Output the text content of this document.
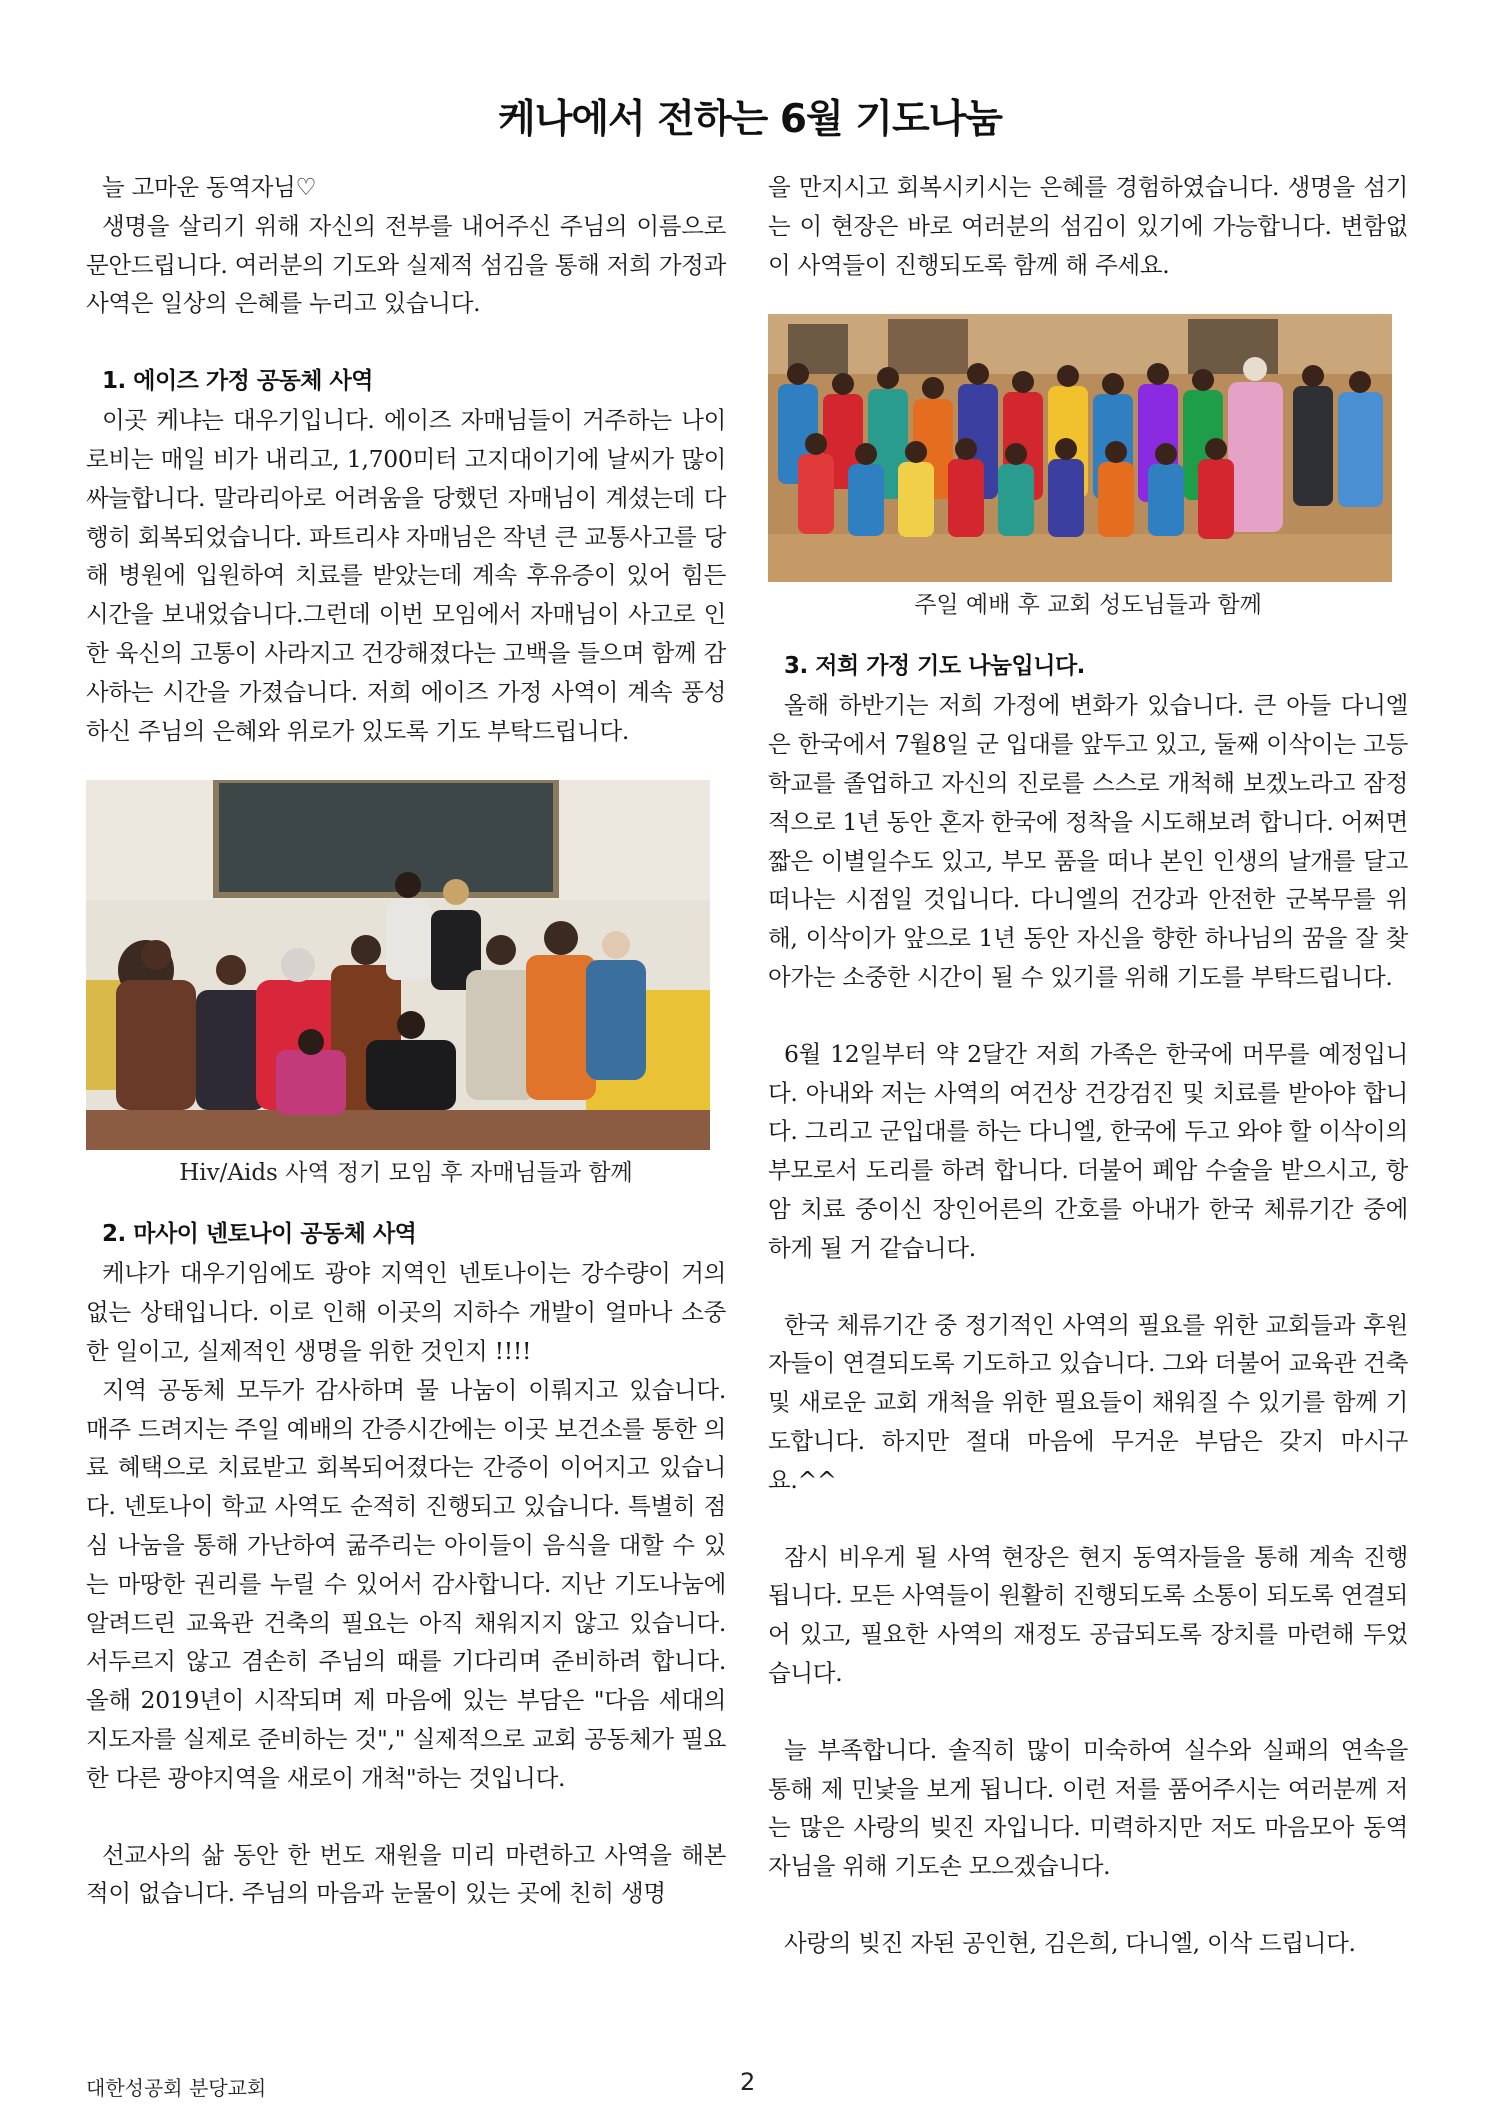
케나에서 전하는 6월 기도나눔

늘 고마운 동역자님♡

생명을 살리기 위해 자신의 전부를 내어주신 주님의 이름으로 문안드립니다. 여러분의 기도와 실제적 섬김을 통해 저희 가정과 사역은 일상의 은혜를 누리고 있습니다.

1. 에이즈 가정 공동체 사역

이곳 케냐는 대우기입니다. 에이즈 자매님들이 거주하는 나이로비는 매일 비가 내리고, 1,700미터 고지대이기에 날씨가 많이 싸늘합니다. 말라리아로 어려움을 당했던 자매님이 계셨는데 다행히 회복되었습니다. 파트리샤 자매님은 작년 큰 교통사고를 당해 병원에 입원하여 치료를 받았는데 계속 후유증이 있어 힘든 시간을 보내었습니다.그런데 이번 모임에서 자매님이 사고로 인한 육신의 고통이 사라지고 건강해졌다는 고백을 들으며 함께 감사하는 시간을 가졌습니다. 저희 에이즈 가정 사역이 계속 풍성하신 주님의 은혜와 위로가 있도록 기도 부탁드립니다.

Hiv/Aids 사역 정기 모임 후 자매님들과 함께
2. 마사이 넨토나이 공동체 사역

케냐가 대우기임에도 광야 지역인 넨토나이는 강수량이 거의 없는 상태입니다. 이로 인해 이곳의 지하수 개발이 얼마나 소중한 일이고, 실제적인 생명을 위한 것인지 !!!!

지역 공동체 모두가 감사하며 물 나눔이 이뤄지고 있습니다. 매주 드려지는 주일 예배의 간증시간에는 이곳 보건소를 통한 의료 혜택으로 치료받고 회복되어졌다는 간증이 이어지고 있습니다. 넨토나이 학교 사역도 순적히 진행되고 있습니다. 특별히 점심 나눔을 통해 가난하여 굶주리는 아이들이 음식을 대할 수 있는 마땅한 권리를 누릴 수 있어서 감사합니다. 지난 기도나눔에 알려드린 교육관 건축의 필요는 아직 채워지지 않고 있습니다. 서두르지 않고 겸손히 주님의 때를 기다리며 준비하려 합니다. 올해 2019년이 시작되며 제 마음에 있는 부담은 "다음 세대의 지도자를 실제로 준비하는 것"," 실제적으로 교회 공동체가 필요한 다른 광야지역을 새로이 개척"하는 것입니다.

선교사의 삶 동안 한 번도 재원을 미리 마련하고 사역을 해본적이 없습니다. 주님의 마음과 눈물이 있는 곳에 친히 생명

을 만지시고 회복시키시는 은혜를 경험하였습니다. 생명을 섬기는 이 현장은 바로 여러분의 섬김이 있기에 가능합니다. 변함없이 사역들이 진행되도록 함께 해 주세요.

주일 예배 후 교회 성도님들과 함께
3. 저희 가정 기도 나눔입니다.

올해 하반기는 저희 가정에 변화가 있습니다. 큰 아들 다니엘은 한국에서 7월8일 군 입대를 앞두고 있고, 둘째 이삭이는 고등학교를 졸업하고 자신의 진로를 스스로 개척해 보겠노라고 잠정적으로 1년 동안 혼자 한국에 정착을 시도해보려 합니다. 어쩌면 짧은 이별일수도 있고, 부모 품을 떠나 본인 인생의 날개를 달고 떠나는 시점일 것입니다. 다니엘의 건강과 안전한 군복무를 위해, 이삭이가 앞으로 1년 동안 자신을 향한 하나님의 꿈을 잘 찾아가는 소중한 시간이 될 수 있기를 위해 기도를 부탁드립니다.

6월 12일부터 약 2달간 저희 가족은 한국에 머무를 예정입니다. 아내와 저는 사역의 여건상 건강검진 및 치료를 받아야 합니다. 그리고 군입대를 하는 다니엘, 한국에 두고 와야 할 이삭이의 부모로서 도리를 하려 합니다. 더불어 폐암 수술을 받으시고, 항암 치료 중이신 장인어른의 간호를 아내가 한국 체류기간 중에 하게 될 거 같습니다.

한국 체류기간 중 정기적인 사역의 필요를 위한 교회들과 후원자들이 연결되도록 기도하고 있습니다. 그와 더불어 교육관 건축 및 새로운 교회 개척을 위한 필요들이 채워질 수 있기를 함께 기도합니다. 하지만 절대 마음에 무거운 부담은 갖지 마시구요.^^

잠시 비우게 될 사역 현장은 현지 동역자들을 통해 계속 진행됩니다. 모든 사역들이 원활히 진행되도록 소통이 되도록 연결되어 있고, 필요한 사역의 재정도 공급되도록 장치를 마련해 두었습니다.

늘 부족합니다. 솔직히 많이 미숙하여 실수와 실패의 연속을 통해 제 민낯을 보게 됩니다. 이런 저를 품어주시는 여러분께 저는 많은 사랑의 빚진 자입니다. 미력하지만 저도 마음모아 동역자님을 위해 기도손 모으겠습니다.

사랑의 빚진 자된 공인현, 김은희, 다니엘, 이삭 드립니다.

대한성공회 분당교회	2
